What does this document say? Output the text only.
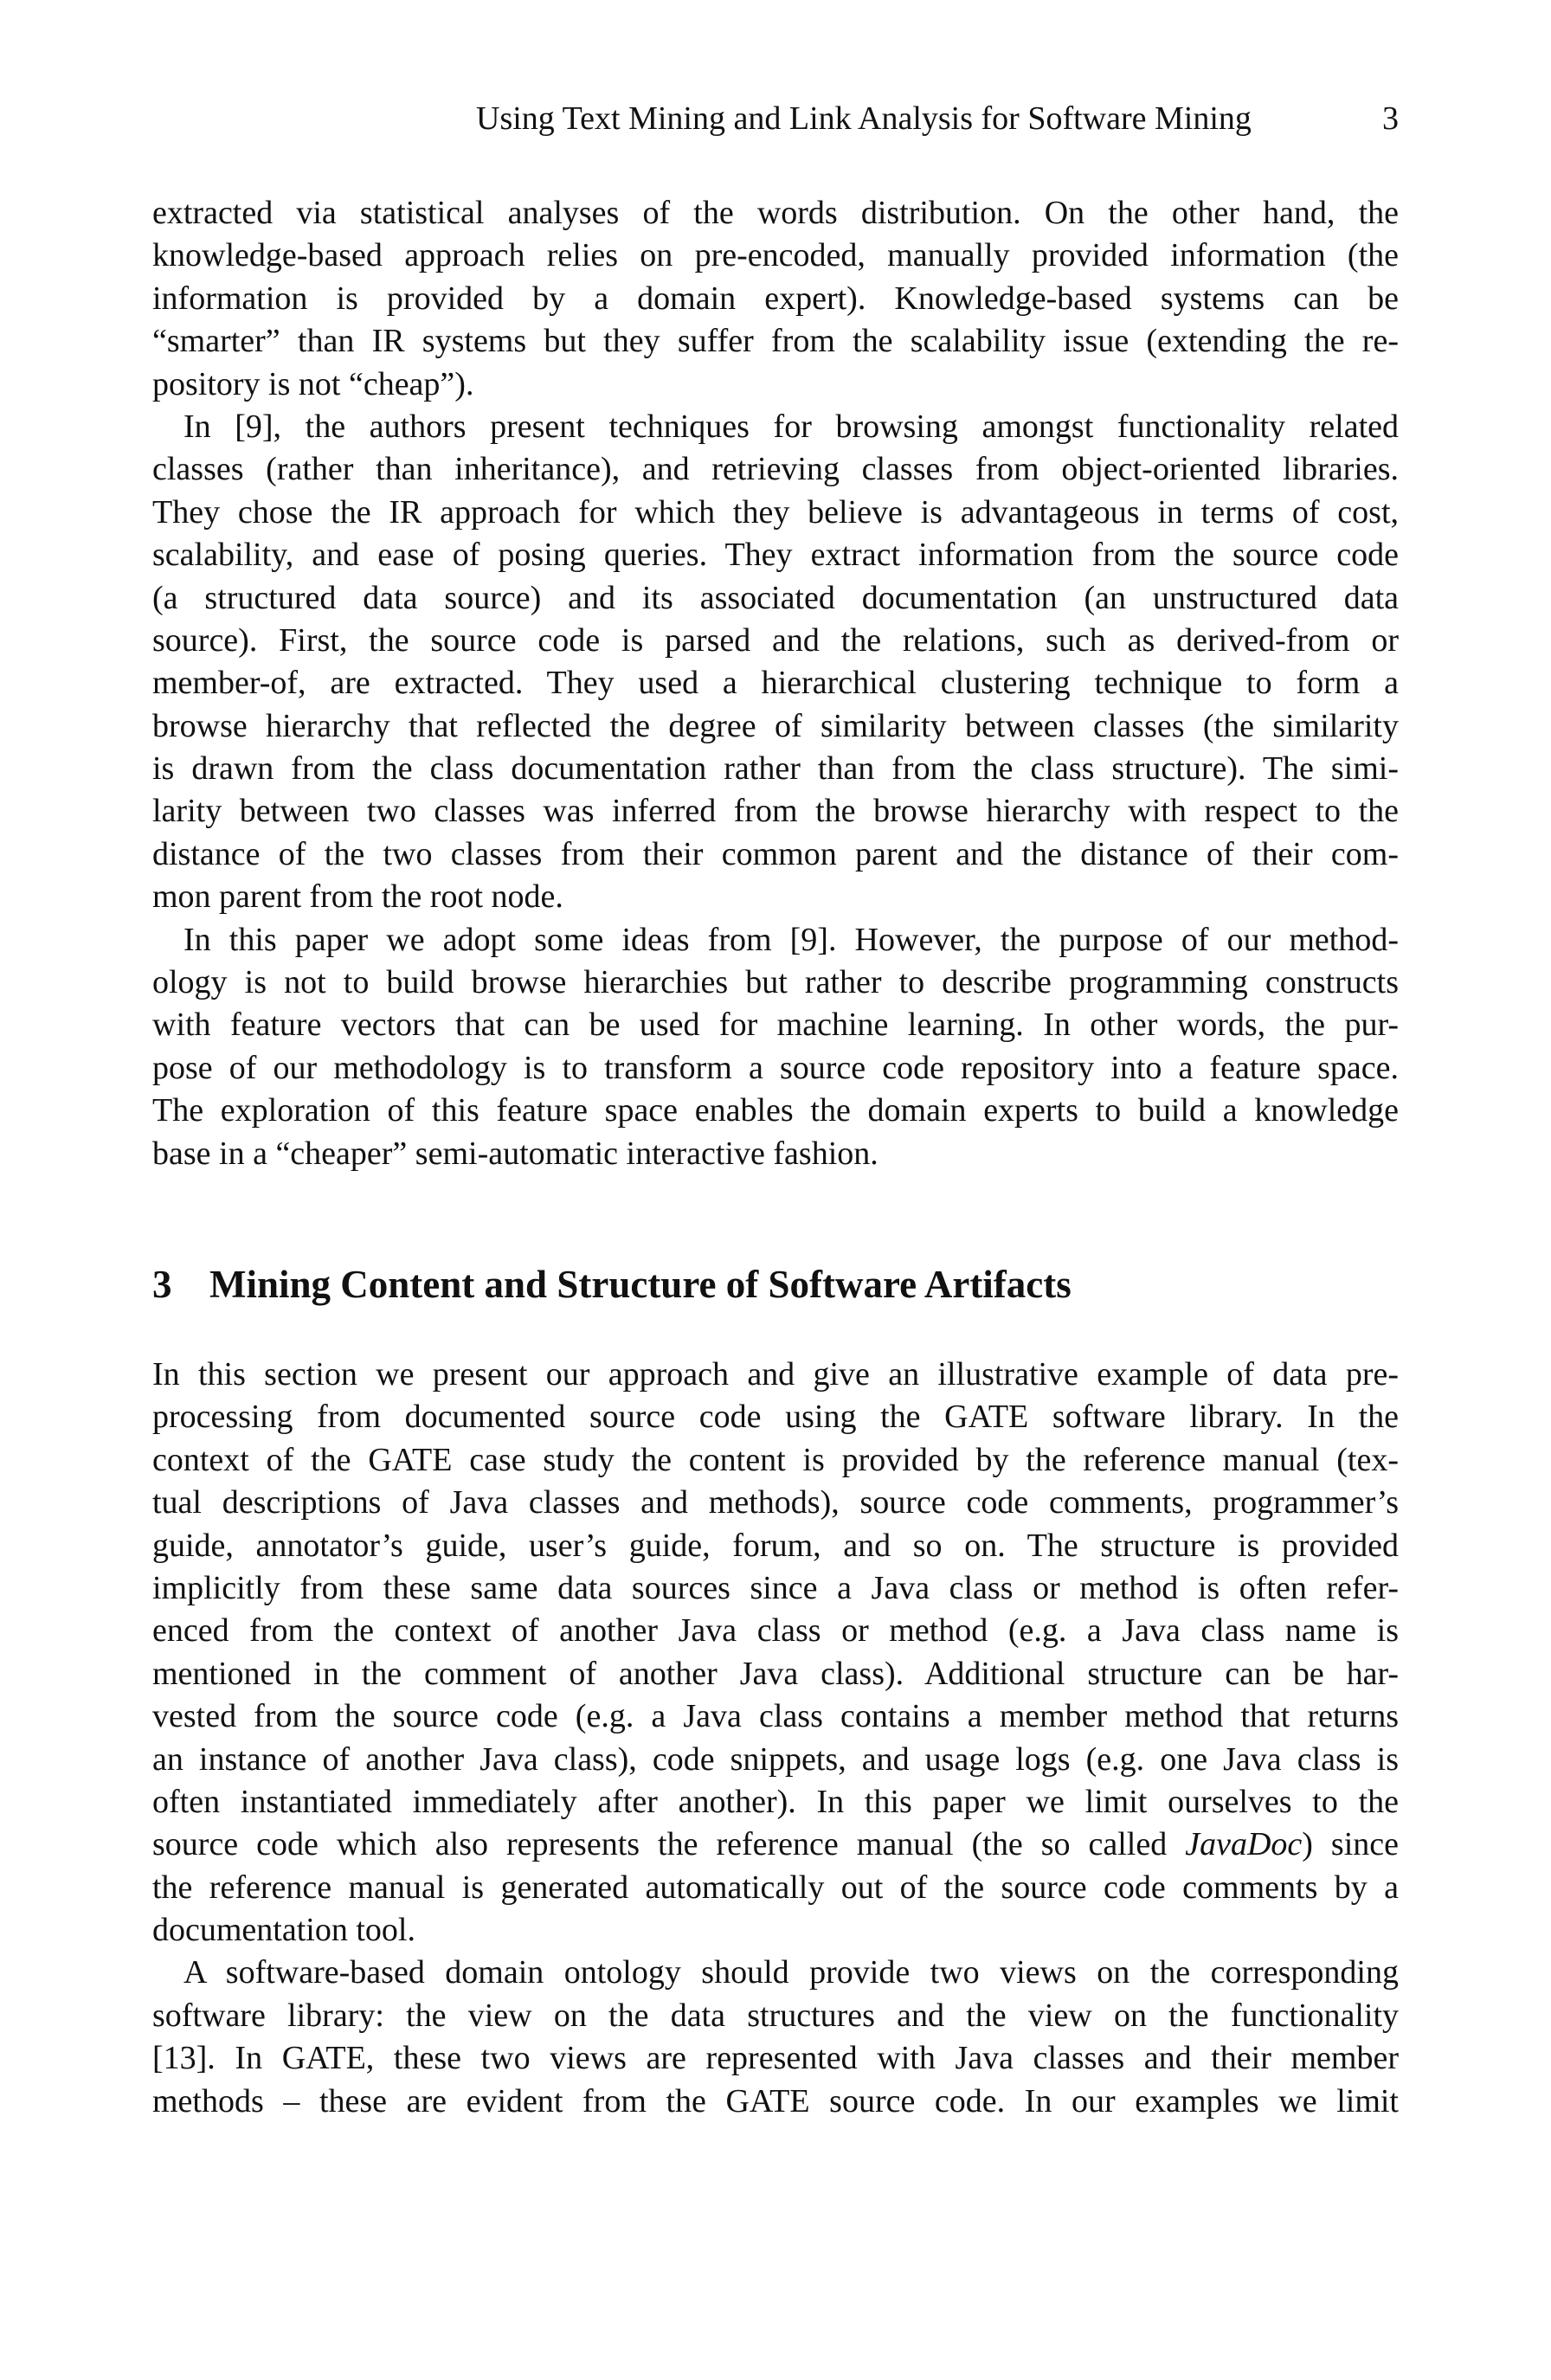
Using Text Mining and Link Analysis for Software Mining	3
extracted via statistical analyses of the words distribution. On the other hand, the
knowledge-based approach relies on pre-encoded, manually provided information (the
information is provided by a domain expert). Knowledge-based systems can be
“smarter” than IR systems but they suffer from the scalability issue (extending the re-
pository is not “cheap”).
In [9], the authors present techniques for browsing amongst functionality related
classes (rather than inheritance), and retrieving classes from object-oriented libraries.
They chose the IR approach for which they believe is advantageous in terms of cost,
scalability, and ease of posing queries. They extract information from the source code
(a structured data source) and its associated documentation (an unstructured data
source). First, the source code is parsed and the relations, such as derived-from or
member-of, are extracted. They used a hierarchical clustering technique to form a
browse hierarchy that reflected the degree of similarity between classes (the similarity
is drawn from the class documentation rather than from the class structure). The simi-
larity between two classes was inferred from the browse hierarchy with respect to the
distance of the two classes from their common parent and the distance of their com-
mon parent from the root node.
In this paper we adopt some ideas from [9]. However, the purpose of our method-
ology is not to build browse hierarchies but rather to describe programming constructs
with feature vectors that can be used for machine learning. In other words, the pur-
pose of our methodology is to transform a source code repository into a feature space.
The exploration of this feature space enables the domain experts to build a knowledge
base in a “cheaper” semi-automatic interactive fashion.
3 Mining Content and Structure of Software Artifacts
In this section we present our approach and give an illustrative example of data pre-
processing from documented source code using the GATE software library. In the
context of the GATE case study the content is provided by the reference manual (tex-
tual descriptions of Java classes and methods), source code comments, programmer’s
guide, annotator’s guide, user’s guide, forum, and so on. The structure is provided
implicitly from these same data sources since a Java class or method is often refer-
enced from the context of another Java class or method (e.g. a Java class name is
mentioned in the comment of another Java class). Additional structure can be har-
vested from the source code (e.g. a Java class contains a member method that returns
an instance of another Java class), code snippets, and usage logs (e.g. one Java class is
often instantiated immediately after another). In this paper we limit ourselves to the
source code which also represents the reference manual (the so called JavaDoc) since
the reference manual is generated automatically out of the source code comments by a
documentation tool.
A software-based domain ontology should provide two views on the corresponding
software library: the view on the data structures and the view on the functionality
[13]. In GATE, these two views are represented with Java classes and their member
methods – these are evident from the GATE source code. In our examples we limit
